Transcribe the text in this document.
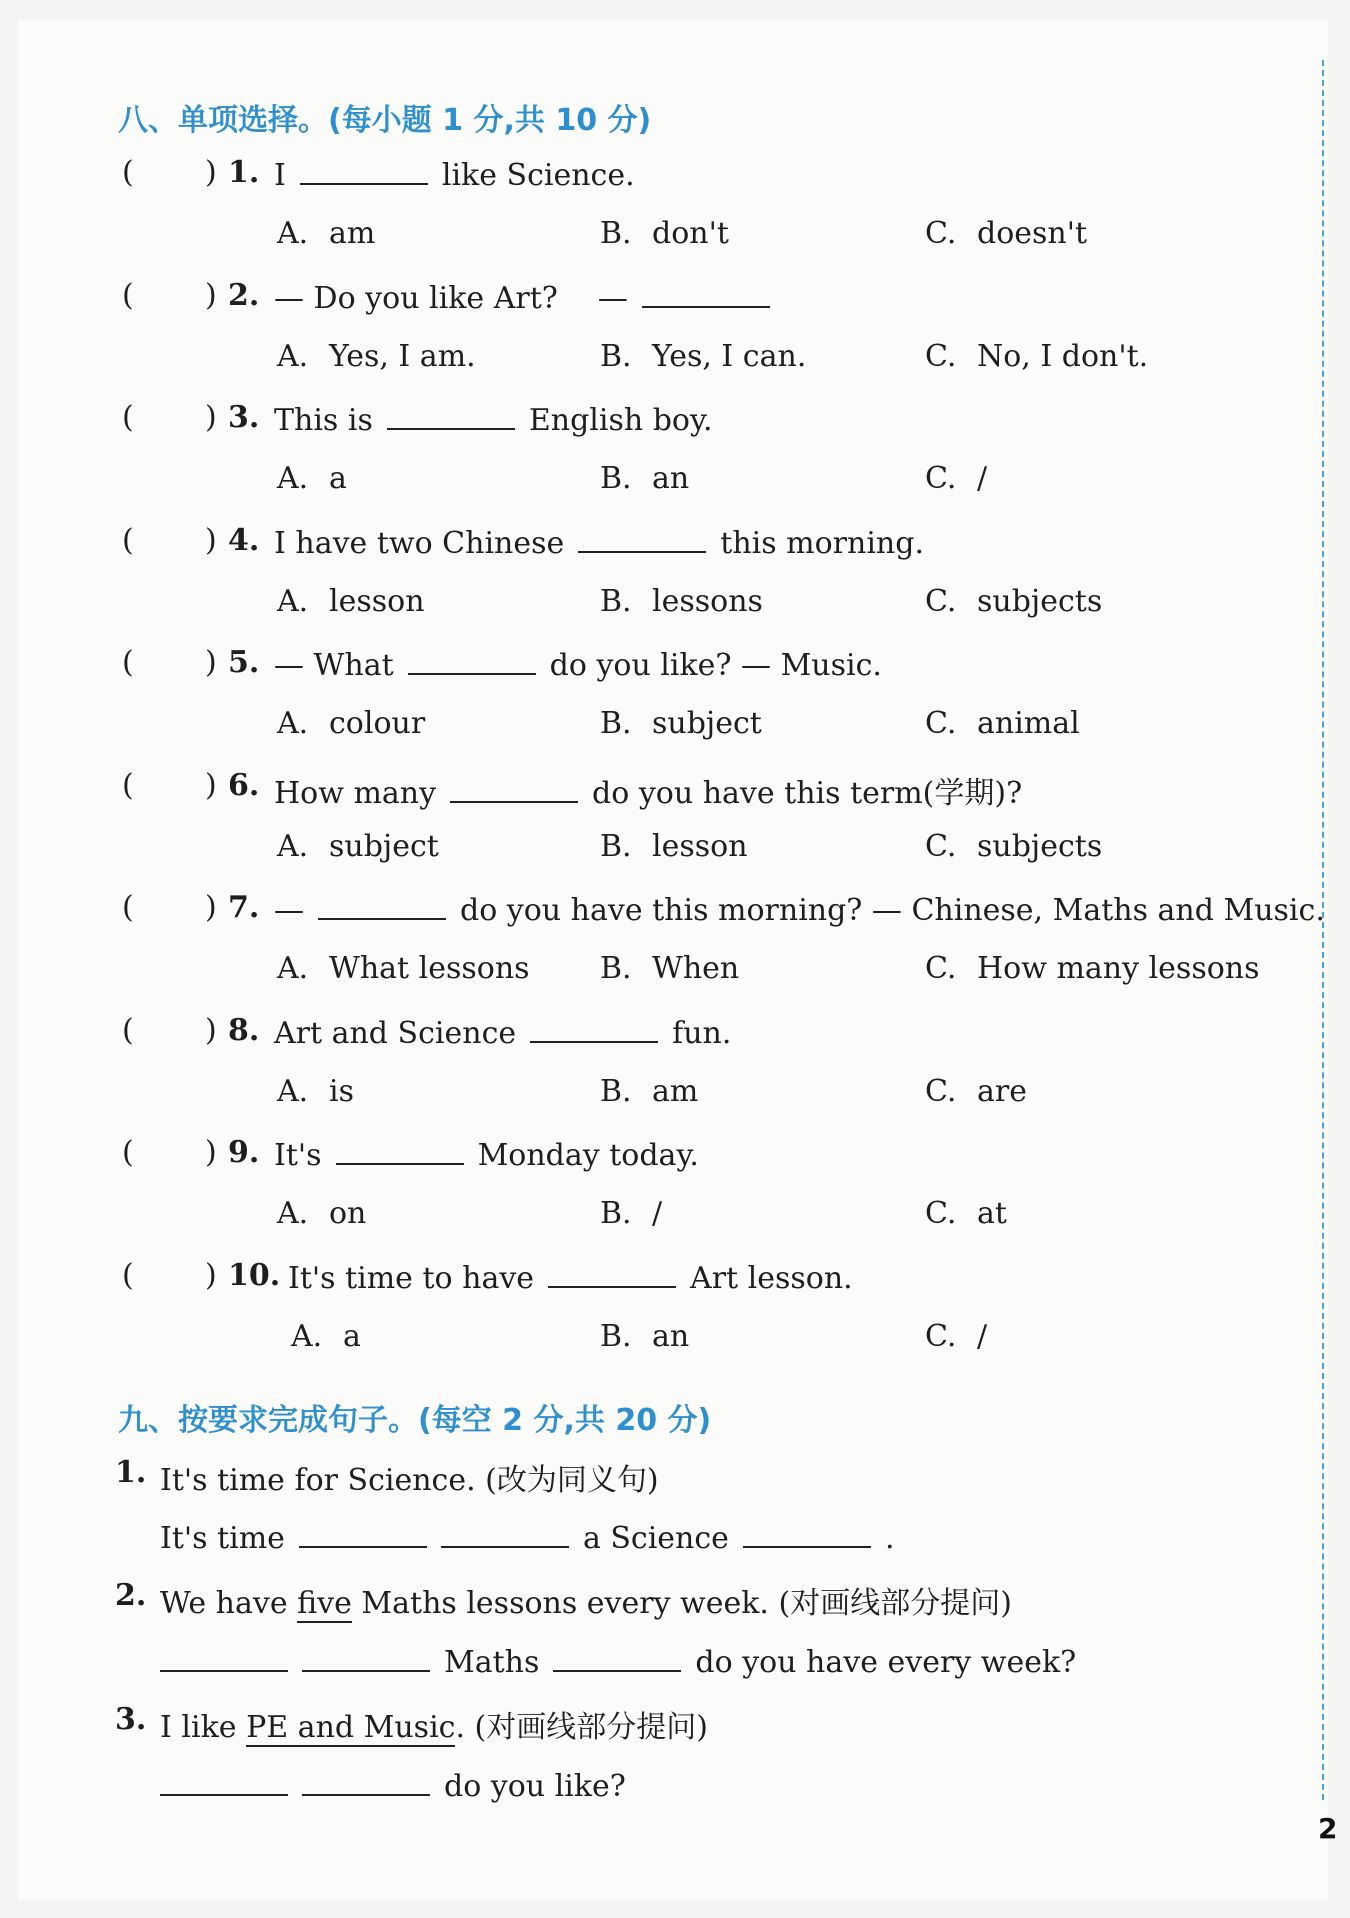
2
八、单项选择。(每小题 1 分,共 10 分)
( ) 1. I	like Science.
A. am	B. don't	C. doesn't
( ) 2. — Do you like Art? —
A. Yes, I am.	B. Yes, I can.	C. No, I don't.
( ) 3. This is	English boy.
A. a	B. an	C. /
( ) 4. I have two Chinese	this morning.
A. lesson	B. lessons	C. subjects
( ) 5. — What	do you like? — Music.
A. colour	B. subject	C. animal
( ) 6. How many	do you have this term(学期)?
A. subject	B. lesson	C. subjects
( ) 7. —	do you have this morning? — Chinese, Maths and Music.
A. What lessons B. When	C. How many lessons
( ) 8. Art and Science	fun.
A. is	B. am	C. are
( ) 9. It's	Monday today.
A. on	B. /	C. at
( ) 10. It's time to have	Art lesson.
A. a	B. an	C. /
九、按要求完成句子。(每空 2 分,共 20 分)
1. It's time for Science. (改为同义句)
It's time	a Science	.
2. We have five Maths lessons every week. (对画线部分提问)
Maths	do you have every week?
3. I like PE and Music. (对画线部分提问)
do you like?
